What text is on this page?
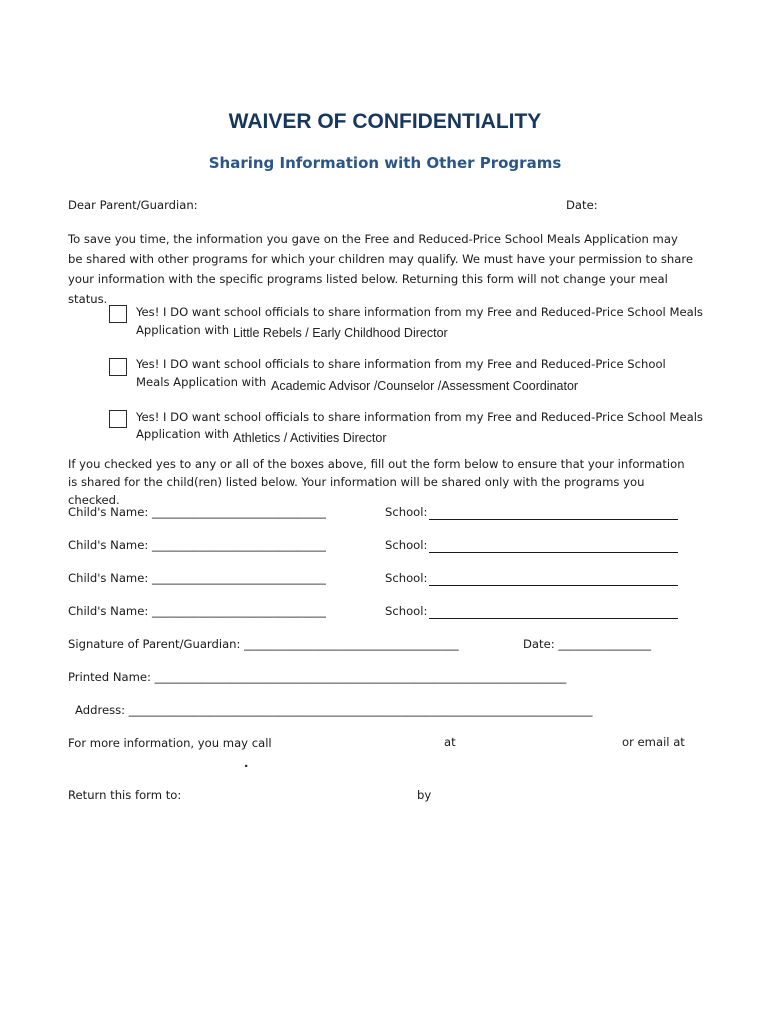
WAIVER OF CONFIDENTIALITY
Sharing Information with Other Programs
Dear Parent/Guardian:	Date:
To save you time, the information you gave on the Free and Reduced-Price School Meals Application may be shared with other programs for which your children may qualify. We must have your permission to share your information with the specific programs listed below. Returning this form will not change your meal status.
Yes! I DO want school officials to share information from my Free and Reduced-Price School Meals
Application with Little Rebels / Early Childhood Director
Yes! I DO want school officials to share information from my Free and Reduced-Price School
Meals Application with Academic Advisor /Counselor /Assessment Coordinator
Yes! I DO want school officials to share information from my Free and Reduced-Price School Meals
Application with Athletics / Activities Director
If you checked yes to any or all of the boxes above, fill out the form below to ensure that your information is shared for the child(ren) listed below. Your information will be shared only with the programs you checked.
Child's Name: ______________________________	School:
Child's Name: ______________________________	School:
Child's Name: ______________________________	School:
Child's Name: ______________________________	School:
Signature of Parent/Guardian: _____________________________________	Date: ________________
Printed Name: _______________________________________________________________________
Address: ________________________________________________________________________________
For more information, you may call	at	or email at
.
Return this form to:	by
